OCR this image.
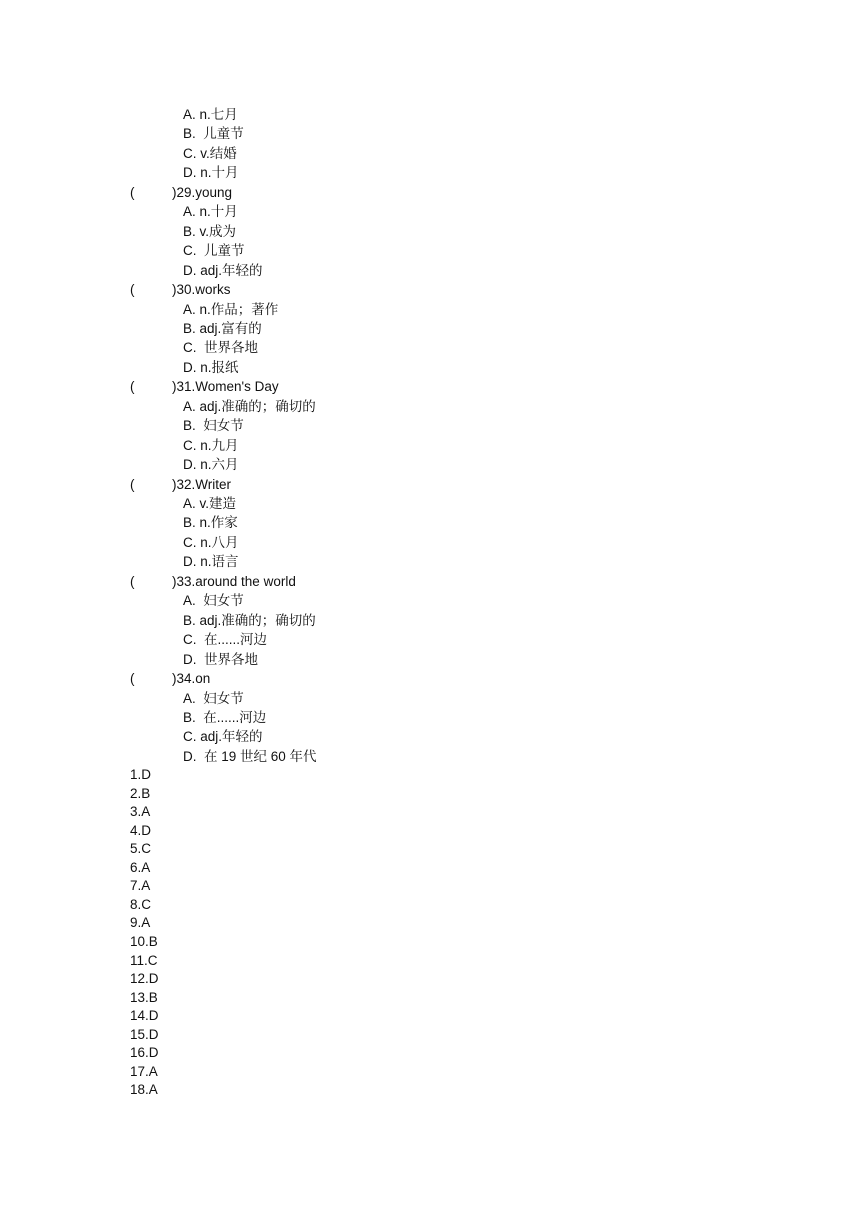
A. n.七月
B.  儿童节
C. v.结婚
D. n.十月
(	)29.young
A. n.十月
B. v.成为
C.  儿童节
D. adj.年轻的
(	)30.works
A. n.作品；著作
B. adj.富有的
C.  世界各地
D. n.报纸
(	)31.Women's Day
A. adj.准确的；确切的
B.  妇女节
C. n.九月
D. n.六月
(	)32.Writer
A. v.建造
B. n.作家
C. n.八月
D. n.语言
(	)33.around the world
A.  妇女节
B. adj.准确的；确切的
C.  在......河边
D.  世界各地
(	)34.on
A.  妇女节
B.  在......河边
C. adj.年轻的
D.  在 19 世纪 60 年代
1.D
2.B
3.A
4.D
5.C
6.A
7.A
8.C
9.A
10.B
11.C
12.D
13.B
14.D
15.D
16.D
17.A
18.A
